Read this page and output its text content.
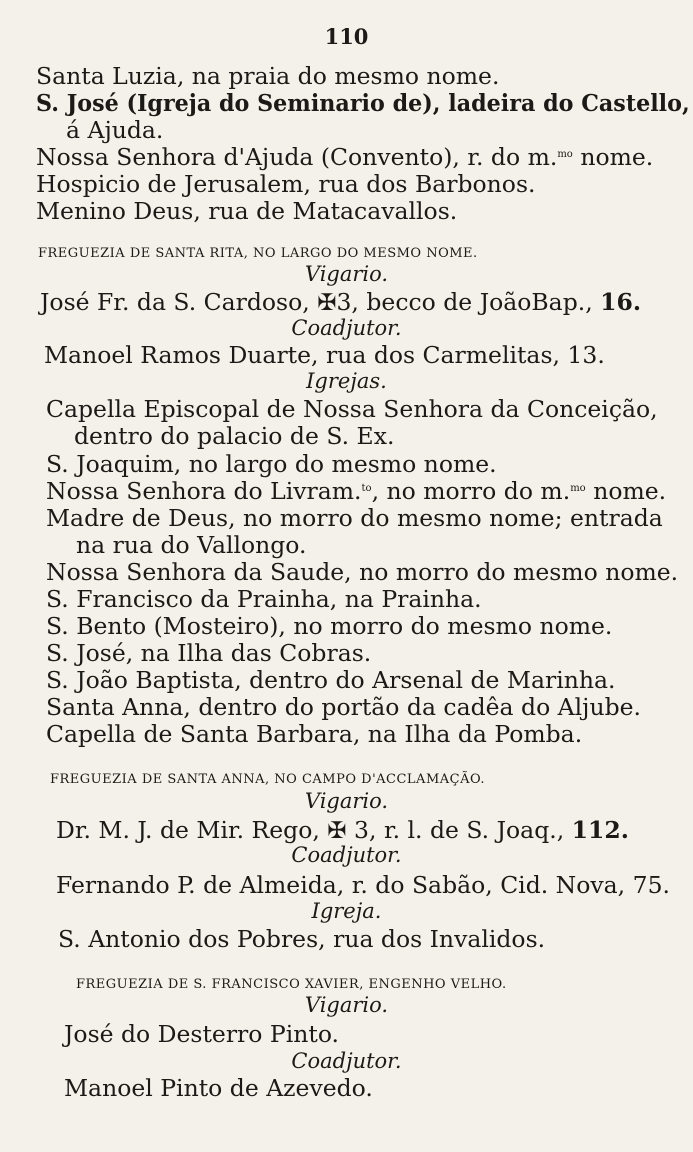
110
Santa Luzia, na praia do mesmo nome.
S. José (Igreja do Seminario de), ladeira do Castello,
á Ajuda.
Nossa Senhora d'Ajuda (Convento), r. do m.$^{mo}$ nome.
Hospicio de Jerusalem, rua dos Barbonos.
Menino Deus, rua de Matacavallos.
FREGUEZIA DE SANTA RITA, NO LARGO DO MESMO NOME.
Vigario.
José Fr. da S. Cardoso, ✠3, becco de JoãoBap., 16.
Coadjutor.
Manoel Ramos Duarte, rua dos Carmelitas, 13.
Igrejas.
Capella Episcopal de Nossa Senhora da Conceição,
dentro do palacio de S. Ex.
S. Joaquim, no largo do mesmo nome.
Nossa Senhora do Livram.$^{to}$, no morro do m.$^{mo}$ nome.
Madre de Deus, no morro do mesmo nome; entrada
na rua do Vallongo.
Nossa Senhora da Saude, no morro do mesmo nome.
S. Francisco da Prainha, na Prainha.
S. Bento (Mosteiro), no morro do mesmo nome.
S. José, na Ilha das Cobras.
S. João Baptista, dentro do Arsenal de Marinha.
Santa Anna, dentro do portão da cadêa do Aljube.
Capella de Santa Barbara, na Ilha da Pomba.
FREGUEZIA DE SANTA ANNA, NO CAMPO D'ACCLAMAÇÃO.
Vigario.
Dr. M. J. de Mir. Rego, ✠ 3, r. l. de S. Joaq., 112.
Coadjutor.
Fernando P. de Almeida, r. do Sabão, Cid. Nova, 75.
Igreja.
S. Antonio dos Pobres, rua dos Invalidos.
FREGUEZIA DE S. FRANCISCO XAVIER, ENGENHO VELHO.
Vigario.
José do Desterro Pinto.
Coadjutor.
Manoel Pinto de Azevedo.
